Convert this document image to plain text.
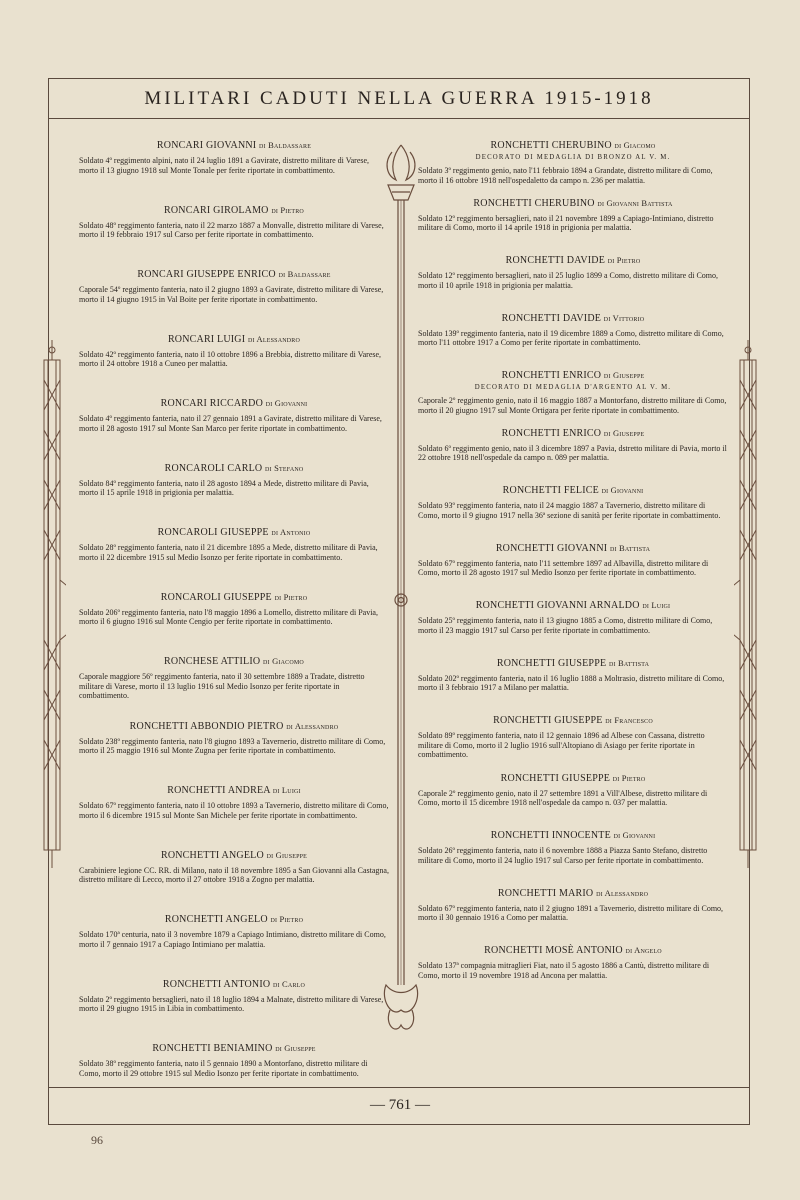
MILITARI CADUTI NELLA GUERRA 1915-1918
RONCARI GIOVANNI di Baldassare
Soldato 4º reggimento alpini, nato il 24 luglio 1891 a Gavirate, distretto militare di Varese, morto il 13 giugno 1918 sul Monte Tonale per ferite riportate in combattimento.
RONCARI GIROLAMO di Pietro
Soldato 48º reggimento fanteria, nato il 22 marzo 1887 a Monvalle, distretto militare di Varese, morto il 19 febbraio 1917 sul Carso per ferite riportate in combattimento.
RONCARI GIUSEPPE ENRICO di Baldassare
Caporale 54º reggimento fanteria, nato il 2 giugno 1893 a Gavirate, distretto militare di Varese, morto il 14 giugno 1915 in Val Boite per ferite riportate in combattimento.
RONCARI LUIGI di Alessandro
Soldato 42º reggimento fanteria, nato il 10 ottobre 1896 a Brebbia, distretto militare di Varese, morto il 24 ottobre 1918 a Cuneo per malattia.
RONCARI RICCARDO di Giovanni
Soldato 4º reggimento fanteria, nato il 27 gennaio 1891 a Gavirate, distretto militare di Varese, morto il 28 agosto 1917 sul Monte San Marco per ferite riportate in combattimento.
RONCAROLI CARLO di Stefano
Soldato 84º reggimento fanteria, nato il 28 agosto 1894 a Mede, distretto militare di Pavia, morto il 15 aprile 1918 in prigionia per malattia.
RONCAROLI GIUSEPPE di Antonio
Soldato 28º reggimento fanteria, nato il 21 dicembre 1895 a Mede, distretto militare di Pavia, morto il 22 dicembre 1915 sul Medio Isonzo per ferite riportate in combattimento.
RONCAROLI GIUSEPPE di Pietro
Soldato 206º reggimento fanteria, nato l'8 maggio 1896 a Lomello, distretto militare di Pavia, morto il 6 giugno 1916 sul Monte Cengio per ferite riportate in combattimento.
RONCHESE ATTILIO di Giacomo
Caporale maggiore 56º reggimento fanteria, nato il 30 settembre 1889 a Tradate, distretto militare di Varese, morto il 13 luglio 1916 sul Medio Isonzo per ferite riportate in combattimento.
RONCHETTI ABBONDIO PIETRO di Alessandro
Soldato 238º reggimento fanteria, nato l'8 giugno 1893 a Tavernerio, distretto militare di Como, morto il 25 maggio 1916 sul Monte Zugna per ferite riportate in combattimento.
RONCHETTI ANDREA di Luigi
Soldato 67º reggimento fanteria, nato il 10 ottobre 1893 a Tavernerio, distretto militare di Como, morto il 6 dicembre 1915 sul Monte San Michele per ferite riportate in combattimento.
RONCHETTI ANGELO di Giuseppe
Carabiniere legione CC. RR. di Milano, nato il 18 novembre 1895 a San Giovanni alla Castagna, distretto militare di Lecco, morto il 27 ottobre 1918 a Zogno per malattia.
RONCHETTI ANGELO di Pietro
Soldato 170ª centuria, nato il 3 novembre 1879 a Capiago Intimiano, distretto militare di Como, morto il 7 gennaio 1917 a Capiago Intimiano per malattia.
RONCHETTI ANTONIO di Carlo
Soldato 2º reggimento bersaglieri, nato il 18 luglio 1894 a Malnate, distretto militare di Varese, morto il 29 giugno 1915 in Libia in combattimento.
RONCHETTI BENIAMINO di Giuseppe
Soldato 38º reggimento fanteria, nato il 5 gennaio 1890 a Montorfano, distretto militare di Como, morto il 29 ottobre 1915 sul Medio Isonzo per ferite riportate in combattimento.
RONCHETTI CHERUBINO di Giacomo
DECORATO DI MEDAGLIA DI BRONZO AL V. M.
Soldato 3º reggimento genio, nato l'11 febbraio 1894 a Grandate, distretto militare di Como, morto il 16 ottobre 1918 nell'ospedaletto da campo n. 236 per malattia.
RONCHETTI CHERUBINO di Giovanni Battista
Soldato 12º reggimento bersaglieri, nato il 21 novembre 1899 a Capiago-Intimiano, distretto militare di Como, morto il 14 aprile 1918 in prigionia per malattia.
RONCHETTI DAVIDE di Pietro
Soldato 12º reggimento bersaglieri, nato il 25 luglio 1899 a Como, distretto militare di Como, morto il 10 aprile 1918 in prigionia per malattia.
RONCHETTI DAVIDE di Vittorio
Soldato 139º reggimento fanteria, nato il 19 dicembre 1889 a Como, distretto militare di Como, morto l'11 ottobre 1917 a Como per ferite riportate in combattimento.
RONCHETTI ENRICO di Giuseppe
DECORATO DI MEDAGLIA D'ARGENTO AL V. M.
Caporale 2º reggimento genio, nato il 16 maggio 1887 a Montorfano, distretto militare di Como, morto il 20 giugno 1917 sul Monte Ortigara per ferite riportate in combattimento.
RONCHETTI ENRICO di Giuseppe
Soldato 6º reggimento genio, nato il 3 dicembre 1897 a Pavia, dstretto militare di Pavia, morto il 22 ottobre 1918 nell'ospedale da campo n. 089 per malattia.
RONCHETTI FELICE di Giovanni
Soldato 93º reggimento fanteria, nato il 24 maggio 1887 a Tavernerio, distretto militare di Como, morto il 9 giugno 1917 nella 36ª sezione di sanità per ferite riportate in combattimento.
RONCHETTI GIOVANNI di Battista
Soldato 67º reggimento fanteria, nato l'11 settembre 1897 ad Albavilla, distretto militare di Como, morto il 28 agosto 1917 sul Medio Isonzo per ferite riportate in combattimento.
RONCHETTI GIOVANNI ARNALDO di Luigi
Soldato 25º reggimento fanteria, nato il 13 giugno 1885 a Como, distretto militare di Como, morto il 23 maggio 1917 sul Carso per ferite riportate in combattimento.
RONCHETTI GIUSEPPE di Battista
Soldato 202º reggimento fanteria, nato il 16 luglio 1888 a Moltrasio, distretto militare di Como, morto il 3 febbraio 1917 a Milano per malattia.
RONCHETTI GIUSEPPE di Francesco
Soldato 89º reggimento fanteria, nato il 12 gennaio 1896 ad Albese con Cassana, distretto militare di Como, morto il 2 luglio 1916 sull'Altopiano di Asiago per ferite riportate in combattimento.
RONCHETTI GIUSEPPE di Pietro
Caporale 2º reggimento genio, nato il 27 settembre 1891 a Vill'Albese, distretto militare di Como, morto il 15 dicembre 1918 nell'ospedale da campo n. 037 per malattia.
RONCHETTI INNOCENTE di Giovanni
Soldato 26º reggimento fanteria, nato il 6 novembre 1888 a Piazza Santo Stefano, distretto militare di Como, morto il 24 luglio 1917 sul Carso per ferite riportate in combattimento.
RONCHETTI MARIO di Alessandro
Soldato 67º reggimento fanteria, nato il 2 giugno 1891 a Tavernerio, distretto militare di Como, morto il 30 gennaio 1916 a Como per malattia.
RONCHETTI MOSÈ ANTONIO di Angelo
Soldato 137ª compagnia mitraglieri Fiat, nato il 5 agosto 1886 a Cantù, distretto militare di Como, morto il 19 novembre 1918 ad Ancona per malattia.
— 761 —
96
